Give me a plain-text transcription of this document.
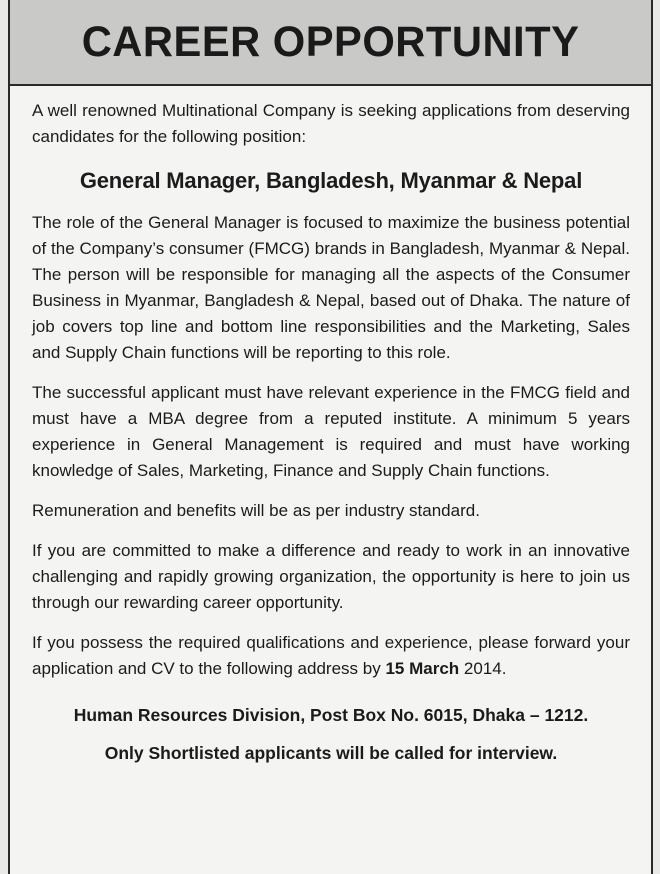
CAREER OPPORTUNITY

A well renowned Multinational Company is seeking applications from deserving candidates for the following position:

General Manager, Bangladesh, Myanmar & Nepal

The role of the General Manager is focused to maximize the business potential of the Company’s consumer (FMCG) brands in Bangladesh, Myanmar & Nepal. The person will be responsible for managing all the aspects of the Consumer Business in Myanmar, Bangladesh & Nepal, based out of Dhaka. The nature of job covers top line and bottom line responsibilities and the Marketing, Sales and Supply Chain functions will be reporting to this role.

The successful applicant must have relevant experience in the FMCG field and must have a MBA degree from a reputed institute. A minimum 5 years experience in General Management is required and must have working knowledge of Sales, Marketing, Finance and Supply Chain functions.

Remuneration and benefits will be as per industry standard.

If you are committed to make a difference and ready to work in an innovative challenging and rapidly growing organization, the opportunity is here to join us through our rewarding career opportunity.

If you possess the required qualifications and experience, please forward your application and CV to the following address by 15 March 2014.

Human Resources Division, Post Box No. 6015, Dhaka – 1212.
Only Shortlisted applicants will be called for interview.
